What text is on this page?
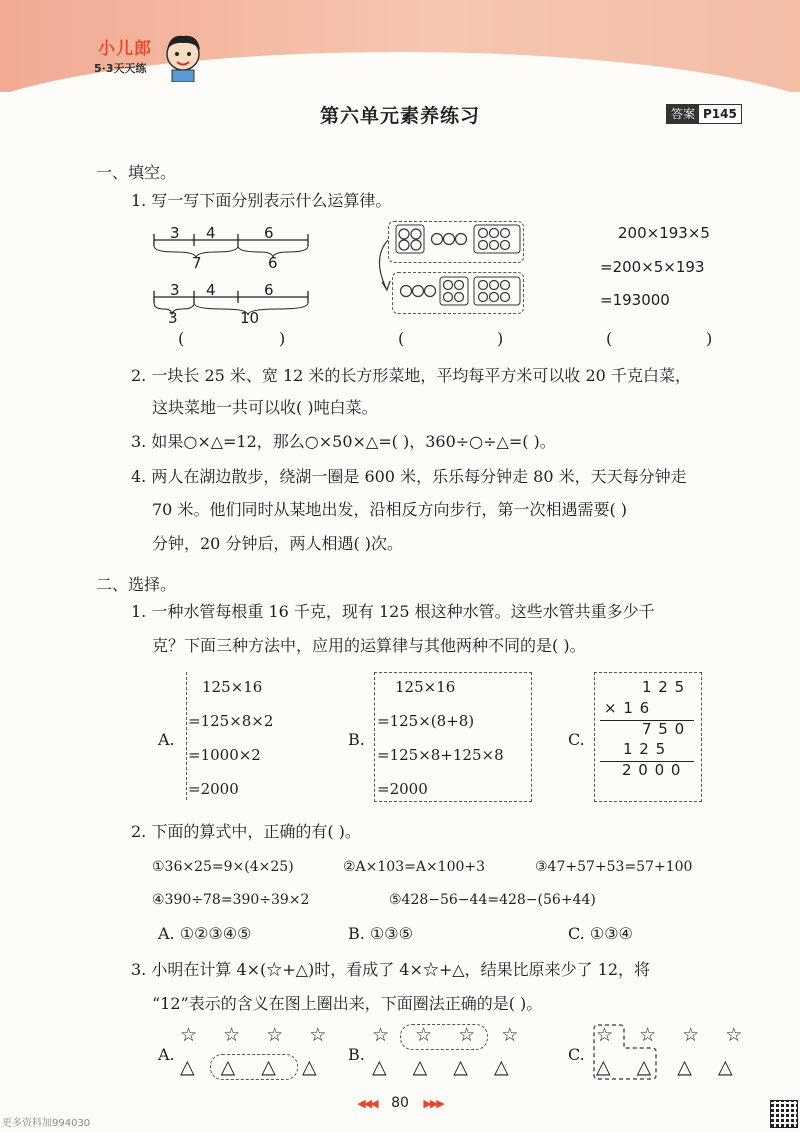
小儿郎
5·3天天练
第六单元素养练习	答案 P145
一、填空。
1. 写一写下面分别表示什么运算律。
3 4	6
7	6
3 4	6
3	10
200×193×5
=200×5×193
=193000
(	)	(	)	(	)
2. 一块长 25 米、宽 12 米的长方形菜地，平均每平方米可以收 20 千克白菜，
这块菜地一共可以收( )吨白菜。
3. 如果○×△=12，那么○×50×△=( )，360÷○÷△=( )。
4. 两人在湖边散步，绕湖一圈是 600 米，乐乐每分钟走 80 米，天天每分钟走
70 米。他们同时从某地出发，沿相反方向步行，第一次相遇需要( )
分钟，20 分钟后，两人相遇( )次。
二、选择。
1. 一种水管每根重 16 千克，现有 125 根这种水管。这些水管共重多少千
克？下面三种方法中，应用的运算律与其他两种不同的是( )。
A.
125×16
=125×8×2
=1000×2
=2000
B.
125×16
=125×(8+8)
=125×8+125×8
=2000
C.
1 2 5
× 1 6
7 5 0
1 2 5
2 0 0 0
2. 下面的算式中，正确的有( )。
①36×25=9×(4×25)	②A×103=A×100+3	③47+57+53=57+100
④390÷78=390÷39×2	⑤428−56−44=428−(56+44)
A. ①②③④⑤	B. ①③⑤	C. ①③④
3. 小明在计算 4×(☆+△)时，看成了 4×☆+△，结果比原来少了 12，将
“12”表示的含义在图上圈出来，下面圈法正确的是( )。
A.
☆ ☆ ☆ ☆
△ △ △ △
B.
☆ ☆ ☆ ☆
△ △ △ △
C.
☆ ☆ ☆ ☆
△ △ △ △
◀◀◀ 80 ▶▶▶
更多资料加994030
